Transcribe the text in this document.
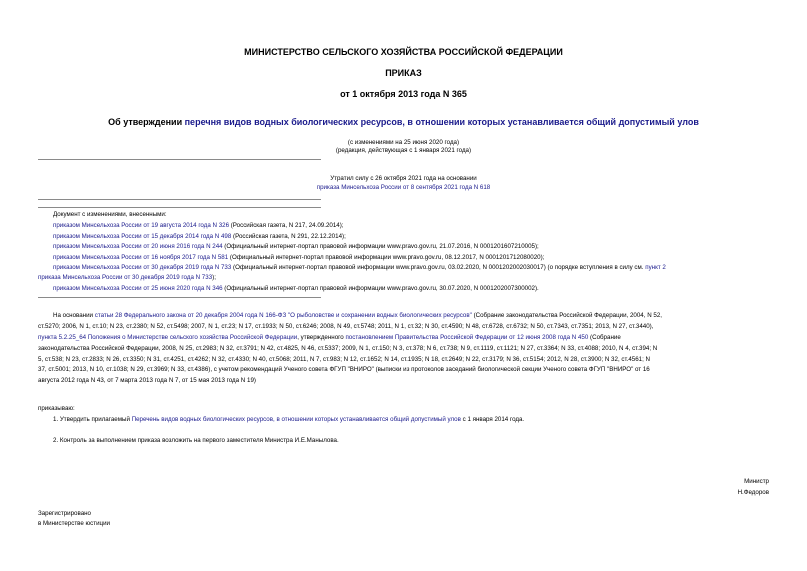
МИНИСТЕРСТВО СЕЛЬСКОГО ХОЗЯЙСТВА РОССИЙСКОЙ ФЕДЕРАЦИИ
ПРИКАЗ
от 1 октября 2013 года N 365
Об утверждении перечня видов водных биологических ресурсов, в отношении которых устанавливается общий допустимый улов
(с изменениями на 25 июня 2020 года)
(редакция, действующая с 1 января 2021 года)
Утратил силу с 26 октября 2021 года на основании
приказа Минсельхоза России от 8 сентября 2021 года N 618
Документ с изменениями, внесенными:
приказом Минсельхоза России от 19 августа 2014 года N 326 (Российская газета, N 217, 24.09.2014);
приказом Минсельхоза России от 15 декабря 2014 года N 498 (Российская газета, N 291, 22.12.2014);
приказом Минсельхоза России от 20 июня 2016 года N 244 (Официальный интернет-портал правовой информации www.pravo.gov.ru, 21.07.2016, N 0001201607210005);
приказом Минсельхоза России от 16 ноября 2017 года N 581 (Официальный интернет-портал правовой информации www.pravo.gov.ru, 08.12.2017, N 0001201712080020);
приказом Минсельхоза России от 30 декабря 2019 года N 733 (Официальный интернет-портал правовой информации www.pravo.gov.ru, 03.02.2020, N 0001202002030017) (о порядке вступления в силу см. пункт 2
приказа Минсельхоза России от 30 декабря 2019 года N 733);
приказом Минсельхоза России от 25 июня 2020 года N 346 (Официальный интернет-портал правовой информации www.pravo.gov.ru, 30.07.2020, N 0001202007300002).
На основании статьи 28 Федерального закона от 20 декабря 2004 года N 166-ФЗ "О рыболовстве и сохранении водных биологических ресурсов" (Собрание законодательства Российской Федерации, 2004, N 52,
ст.5270; 2006, N 1, ст.10; N 23, ст.2380; N 52, ст.5498; 2007, N 1, ст.23; N 17, ст.1933; N 50, ст.6246; 2008, N 49, ст.5748; 2011, N 1, ст.32; N 30, ст.4590; N 48, ст.6728, ст.6732; N 50, ст.7343, ст.7351; 2013, N 27, ст.3440),
пункта 5.2.25_64 Положения о Министерстве сельского хозяйства Российской Федерации, утвержденного постановлением Правительства Российской Федерации от 12 июня 2008 года N 450 (Собрание
законодательства Российской Федерации, 2008, N 25, ст.2983; N 32, ст.3791; N 42, ст.4825, N 46, ст.5337; 2009, N 1, ст.150; N 3, ст.378; N 6, ст.738; N 9, ст.1119, ст.1121; N 27, ст.3364; N 33, ст.4088; 2010, N 4, ст.394; N
5, ст.538; N 23, ст.2833; N 26, ст.3350; N 31, ст.4251, ст.4262; N 32, ст.4330; N 40, ст.5068; 2011, N 7, ст.983; N 12, ст.1652; N 14, ст.1935; N 18, ст.2649; N 22, ст.3179; N 36, ст.5154; 2012, N 28, ст.3900; N 32, ст.4561; N
37, ст.5001; 2013, N 10, ст.1038; N 29, ст.3969; N 33, ст.4386), с учетом рекомендаций Ученого совета ФГУП "ВНИРО" (выписки из протоколов заседаний биологической секции Ученого совета ФГУП "ВНИРО" от 16
августа 2012 года N 43, от 7 марта 2013 года N 7, от 15 мая 2013 года N 19)
приказываю:
1. Утвердить прилагаемый Перечень видов водных биологических ресурсов, в отношении которых устанавливается общий допустимый улов с 1 января 2014 года.
2. Контроль за выполнением приказа возложить на первого заместителя Министра И.Е.Манылова.
Министр
Н.Федоров
Зарегистрировано
в Министерстве юстиции
